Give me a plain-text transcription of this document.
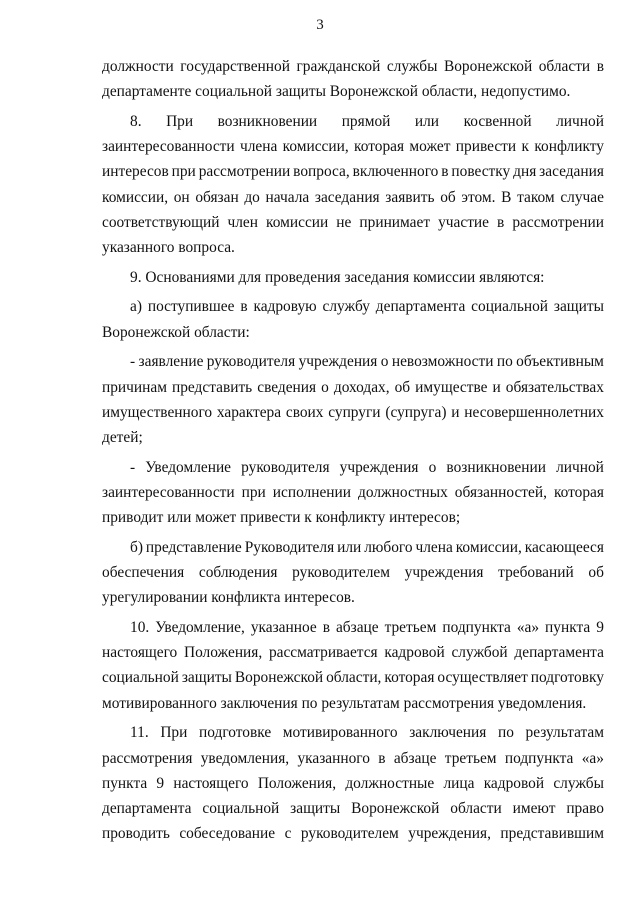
3
должности государственной гражданской службы Воронежской области в
департаменте социальной защиты Воронежской области, недопустимо.
8. При возникновении прямой или косвенной личной
заинтересованности члена комиссии, которая может привести к конфликту
интересов при рассмотрении вопроса, включенного в повестку дня заседания
комиссии, он обязан до начала заседания заявить об этом. В таком случае
соответствующий член комиссии не принимает участие в рассмотрении
указанного вопроса.
9. Основаниями для проведения заседания комиссии являются:
а) поступившее в кадровую службу департамента социальной защиты
Воронежской области:
- заявление руководителя учреждения о невозможности по объективным
причинам представить сведения о доходах, об имуществе и обязательствах
имущественного характера своих супруги (супруга) и несовершеннолетних
детей;
- Уведомление руководителя учреждения о возникновении личной
заинтересованности при исполнении должностных обязанностей, которая
приводит или может привести к конфликту интересов;
б) представление Руководителя или любого члена комиссии, касающееся
обеспечения соблюдения руководителем учреждения требований об
урегулировании конфликта интересов.
10. Уведомление, указанное в абзаце третьем подпункта «а» пункта 9
настоящего Положения, рассматривается кадровой службой департамента
социальной защиты Воронежской области, которая осуществляет подготовку
мотивированного заключения по результатам рассмотрения уведомления.
11. При подготовке мотивированного заключения по результатам
рассмотрения уведомления, указанного в абзаце третьем подпункта «а»
пункта 9 настоящего Положения, должностные лица кадровой службы
департамента социальной защиты Воронежской области имеют право
проводить собеседование с руководителем учреждения, представившим
